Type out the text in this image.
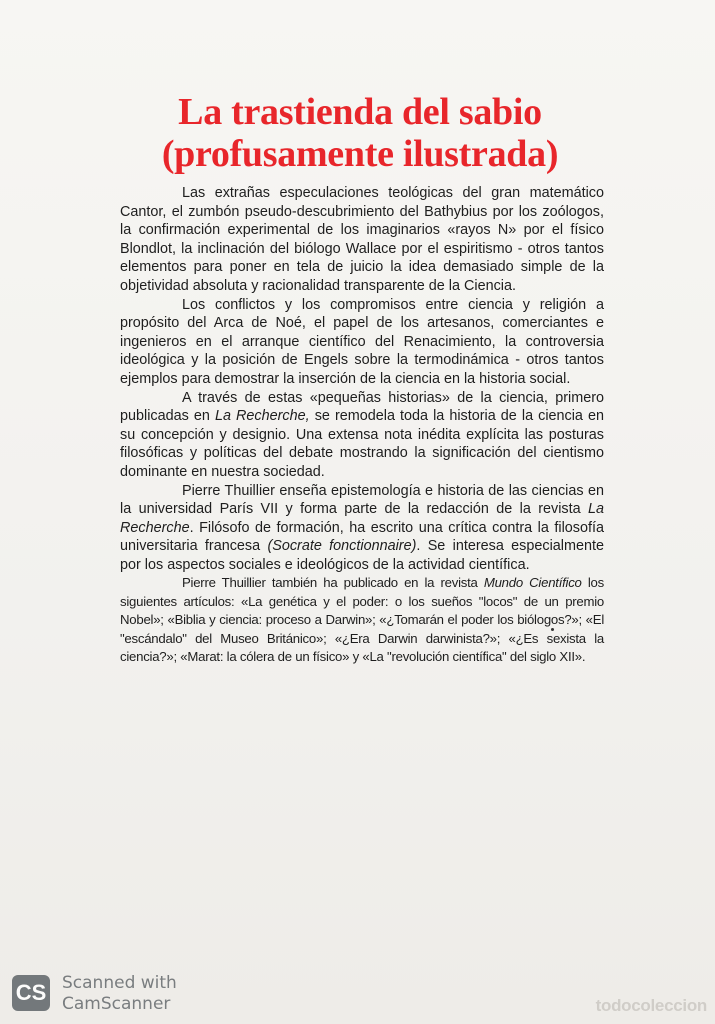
La trastienda del sabio
(profusamente ilustrada)

Las extrañas especulaciones teológicas del gran matemático Cantor, el zumbón pseudo-descubrimiento del Bathybius por los zoólogos, la confirmación experimental de los imaginarios «rayos N» por el físico Blondlot, la inclinación del biólogo Wallace por el espiritismo - otros tantos elementos para poner en tela de juicio la idea demasiado simple de la objetividad absoluta y racionalidad transparente de la Ciencia.

Los conflictos y los compromisos entre ciencia y religión a propósito del Arca de Noé, el papel de los artesanos, comerciantes e ingenieros en el arranque científico del Renacimiento, la controversia ideológica y la posición de Engels sobre la termodinámica - otros tantos ejemplos para demostrar la inserción de la ciencia en la historia social.

A través de estas «pequeñas historias» de la ciencia, primero publicadas en La Recherche, se remodela toda la historia de la ciencia en su concepción y designio. Una extensa nota inédita explícita las posturas filosóficas y políticas del debate mostrando la significación del cientismo dominante en nuestra sociedad.

Pierre Thuillier enseña epistemología e historia de las ciencias en la universidad París VII y forma parte de la redacción de la revista La Recherche. Filósofo de formación, ha escrito una crítica contra la filosofía universitaria francesa (Socrate fonctionnaire). Se interesa especialmente por los aspectos sociales e ideológicos de la actividad científica.

Pierre Thuillier también ha publicado en la revista Mundo Científico los siguientes artículos: «La genética y el poder: o los sueños "locos" de un premio Nobel»; «Biblia y ciencia: proceso a Darwin»; «¿Tomarán el poder los biólogos?»; «El "escándalo" del Museo Británico»; «¿Era Darwin darwinista?»; «¿Es sexista la ciencia?»; «Marat: la cólera de un físico» y «La "revolución científica" del siglo XII».

CS Scanned with
CamScanner	todocoleccion
